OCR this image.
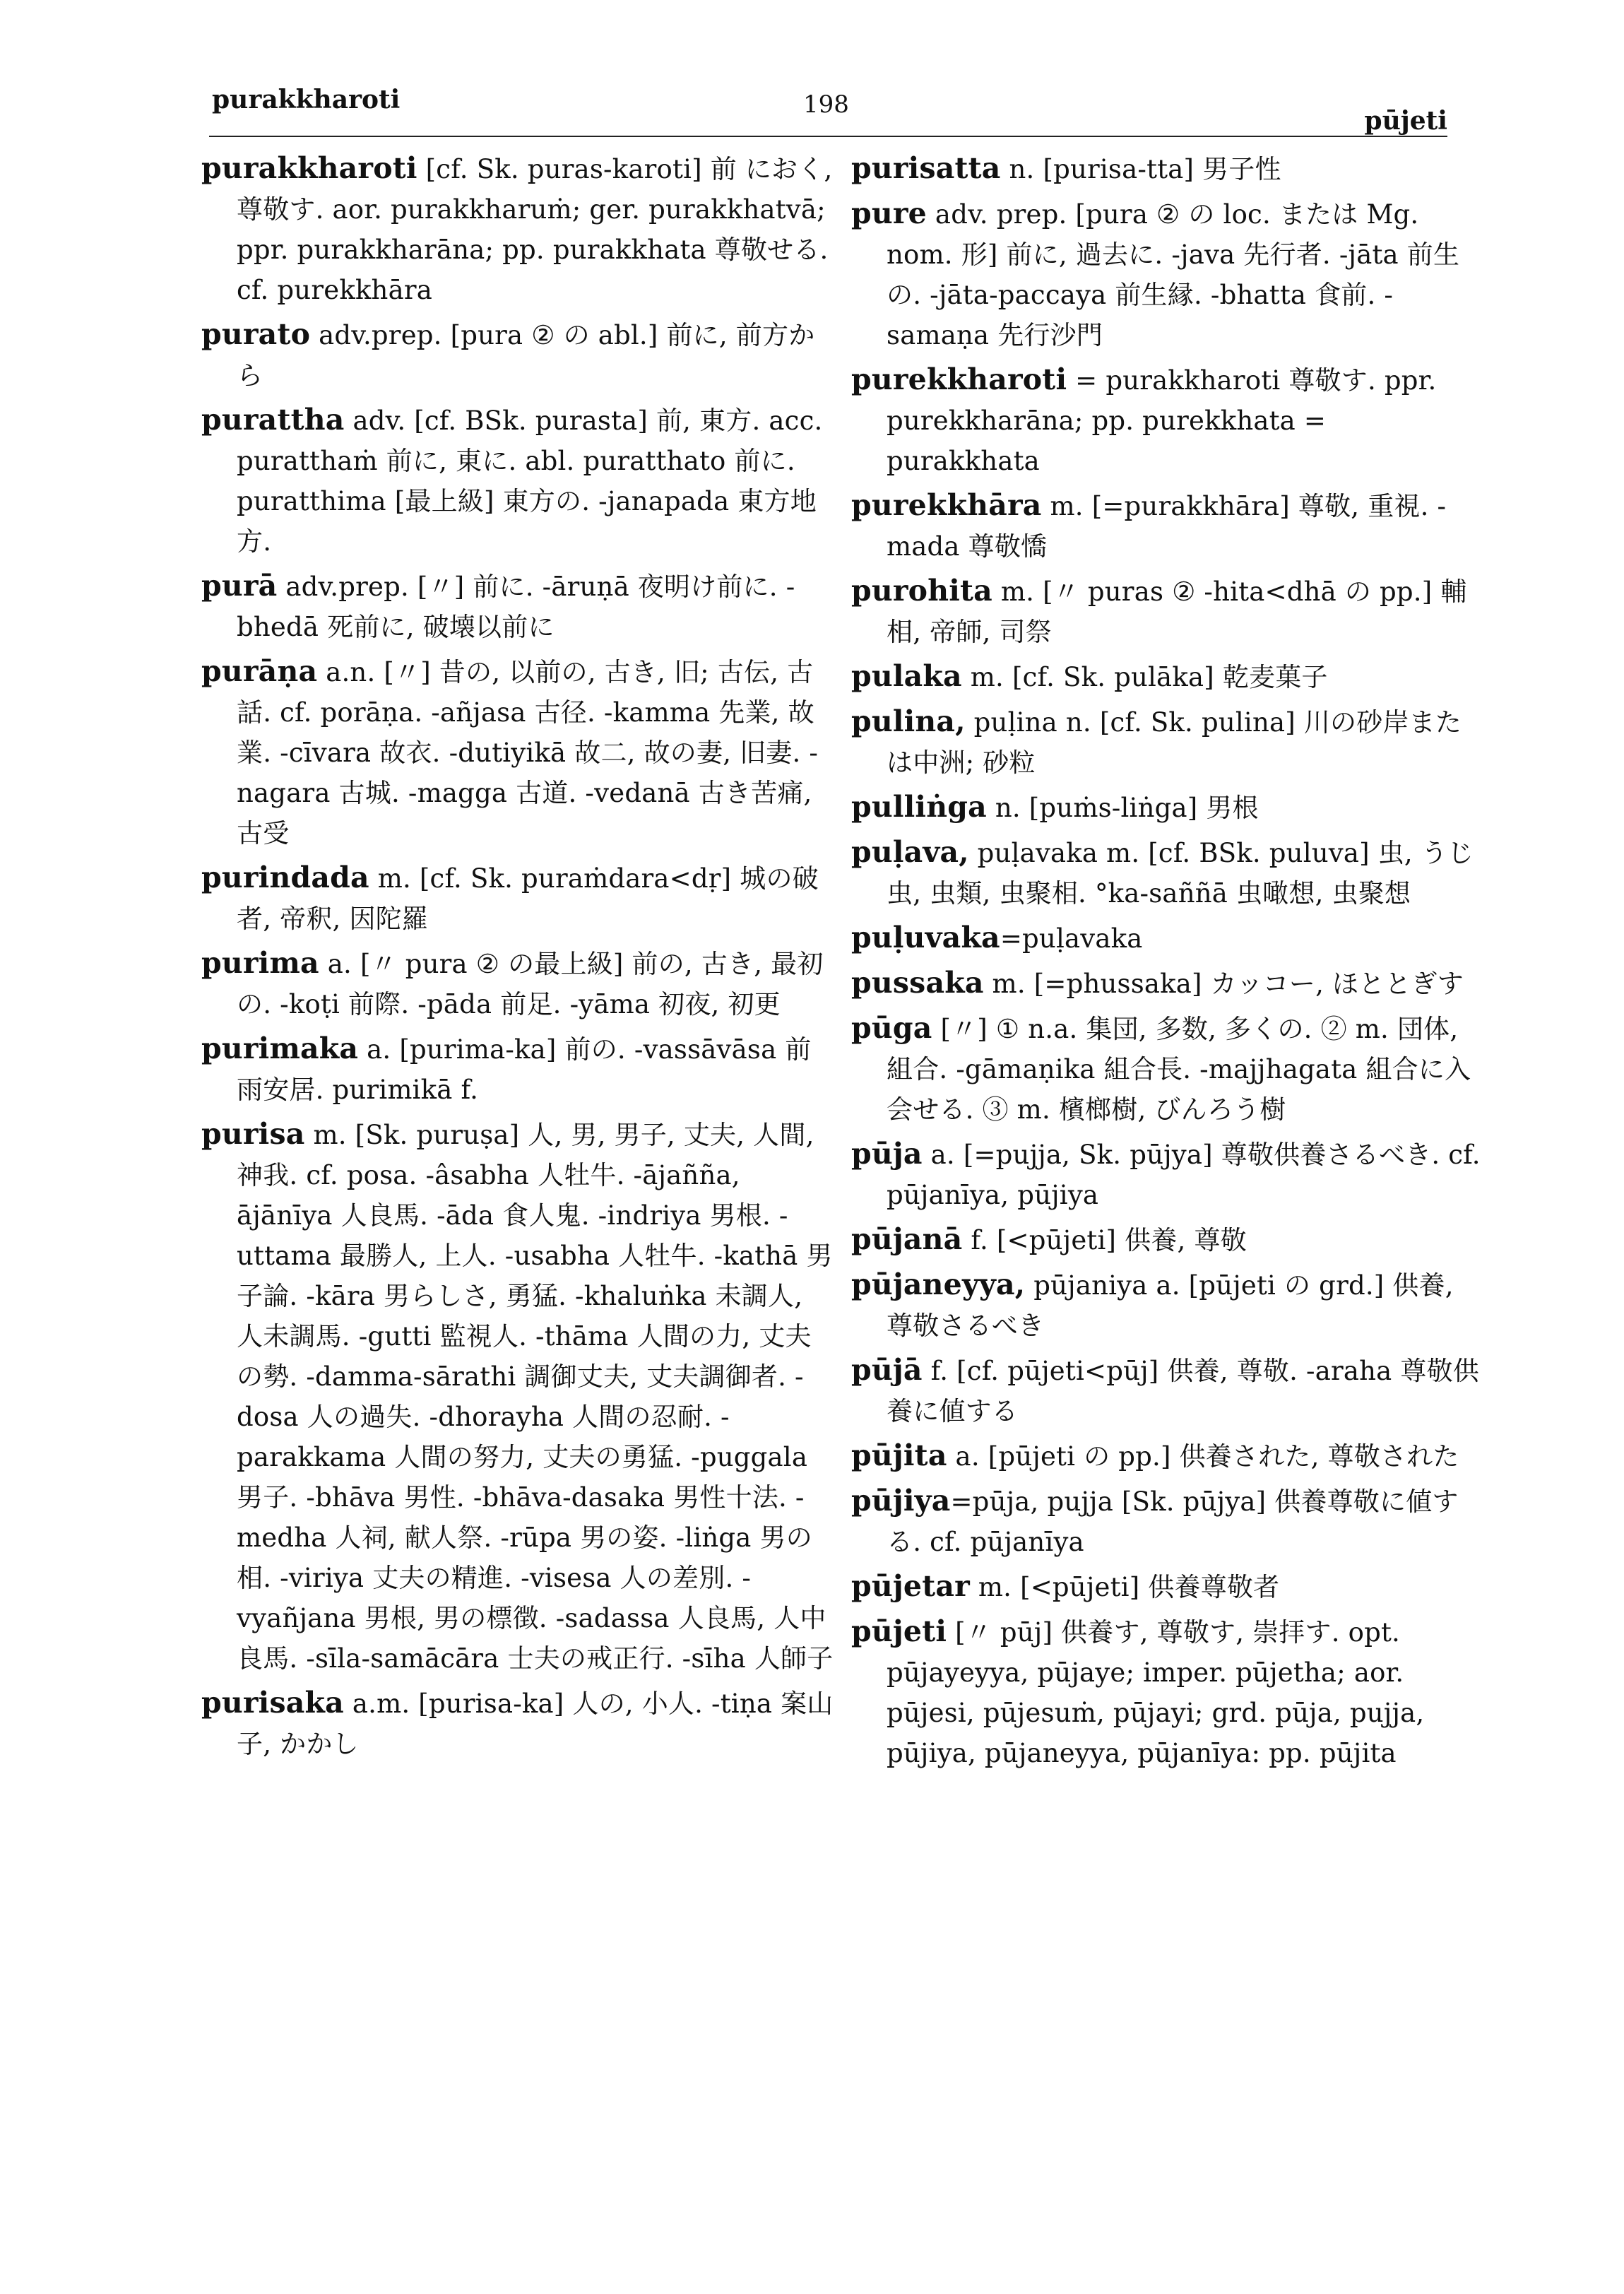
purakkharoti	198
pūjeti

purakkharoti [cf. Sk. puras-karoti] 前 におく, 尊敬す. aor. purakkharuṁ; ger. purakkhatvā; ppr. purakkharāna; pp. purakkhata 尊敬せる. cf. purekkhāra

purato adv.prep. [pura ② の abl.] 前に, 前方から

purattha adv. [cf. BSk. purasta] 前, 東方. acc. puratthaṁ 前に, 東に. abl. puratthato 前に. puratthima [最上級] 東方の. -janapada 東方地方.

purā adv.prep. [〃] 前に. -āruṇā 夜明け前に. -bhedā 死前に, 破壊以前に

purāṇa a.n. [〃] 昔の, 以前の, 古き, 旧; 古伝, 古話. cf. porāṇa. -añjasa 古径. -kamma 先業, 故業. -cīvara 故衣. -dutiyikā 故二, 故の妻, 旧妻. -nagara 古城. -magga 古道. -vedanā 古き苦痛, 古受

purindada m. [cf. Sk. puraṁdara<dṛ] 城の破者, 帝釈, 因陀羅

purima a. [〃 pura ② の最上級] 前の, 古き, 最初の. -koṭi 前際. -pāda 前足. -yāma 初夜, 初更

purimaka a. [purima-ka] 前の. -vassāvāsa 前雨安居. purimikā f.

purisa m. [Sk. puruṣa] 人, 男, 男子, 丈夫, 人間, 神我. cf. posa. -âsabha 人牡牛. -ājañña, ājānīya 人良馬. -āda 食人鬼. -indriya 男根. -uttama 最勝人, 上人. -usabha 人牡牛. -kathā 男子論. -kāra 男らしさ, 勇猛. -khaluṅka 未調人, 人未調馬. -gutti 監視人. -thāma 人間の力, 丈夫の勢. -damma-sārathi 調御丈夫, 丈夫調御者. -dosa 人の過失. -dhorayha 人間の忍耐. -parakkama 人間の努力, 丈夫の勇猛. -puggala 男子. -bhāva 男性. -bhāva-dasaka 男性十法. -medha 人祠, 献人祭. -rūpa 男の姿. -liṅga 男の相. -viriya 丈夫の精進. -visesa 人の差別. -vyañjana 男根, 男の標徴. -sadassa 人良馬, 人中良馬. -sīla-samācāra 士夫の戒正行. -sīha 人師子

purisaka a.m. [purisa-ka] 人の, 小人. -tiṇa 案山子, かかし

purisatta n. [purisa-tta] 男子性

pure adv. prep. [pura ② の loc. または Mg. nom. 形] 前に, 過去に. -java 先行者. -jāta 前生の. -jāta-paccaya 前生縁. -bhatta 食前. -samaṇa 先行沙門

purekkharoti = purakkharoti 尊敬す. ppr. purekkharāna; pp. purekkhata = purakkhata

purekkhāra m. [=purakkhāra] 尊敬, 重視. -mada 尊敬憍

purohita m. [〃 puras ② -hita<dhā の pp.] 輔相, 帝師, 司祭

pulaka m. [cf. Sk. pulāka] 乾麦菓子

pulina, puḷina n. [cf. Sk. pulina] 川の砂岸または中洲; 砂粒

pulliṅga n. [puṁs-liṅga] 男根

puḷava, puḷavaka m. [cf. BSk. puluva] 虫, うじ虫, 虫類, 虫聚相. °ka-saññā 虫噉想, 虫聚想

puḷuvaka=puḷavaka

pussaka m. [=phussaka] カッコー, ほととぎす

pūga [〃] ① n.a. 集団, 多数, 多くの. ② m. 団体, 組合. -gāmaṇika 組合長. -majjhagata 組合に入会せる. ③ m. 檳榔樹, びんろう樹

pūja a. [=pujja, Sk. pūjya] 尊敬供養さるべき. cf. pūjanīya, pūjiya

pūjanā f. [<pūjeti] 供養, 尊敬

pūjaneyya, pūjaniya a. [pūjeti の grd.] 供養, 尊敬さるべき

pūjā f. [cf. pūjeti<pūj] 供養, 尊敬. -araha 尊敬供養に値する

pūjita a. [pūjeti の pp.] 供養された, 尊敬された

pūjiya=pūja, pujja [Sk. pūjya] 供養尊敬に値する. cf. pūjanīya

pūjetar m. [<pūjeti] 供養尊敬者

pūjeti [〃 pūj] 供養す, 尊敬す, 崇拝す. opt. pūjayeyya, pūjaye; imper. pūjetha; aor. pūjesi, pūjesuṁ, pūjayi; grd. pūja, pujja, pūjiya, pūjaneyya, pūjanīya: pp. pūjita
